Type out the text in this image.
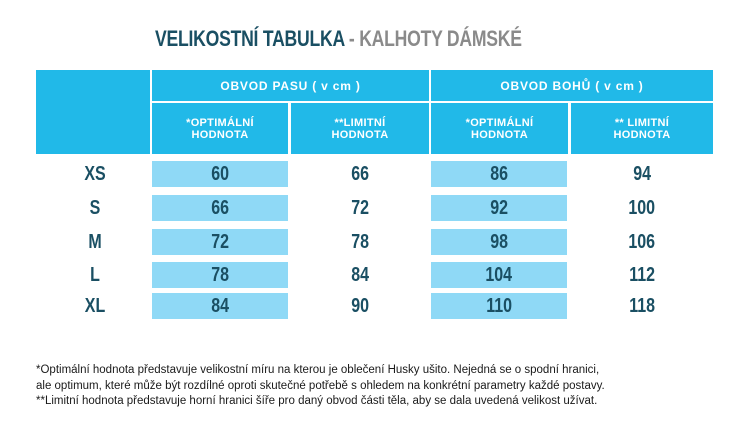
VELIKOSTNÍ TABULKA - KALHOTY DÁMSKÉ
OBVOD PASU ( v cm )	OBVOD BOHŮ ( v cm )
*OPTIMÁLNÍ
HODNOTA
**LIMITNÍ
HODNOTA
*OPTIMÁLNÍ
HODNOTA
** LIMITNÍ
HODNOTA
XS	60	66	86	94
S	66	72	92	100
M	72	78	98	106
L	78	84	104	112
XL	84	90	110	118

*Optimální hodnota představuje velikostní míru na kterou je oblečení Husky ušito. Nejedná se o spodní hranici,

ale optimum, které může být rozdílné oproti skutečné potřebě s ohledem na konkrétní parametry každé postavy.

**Limitní hodnota představuje horní hranici šíře pro daný obvod části těla, aby se dala uvedená velikost užívat.
